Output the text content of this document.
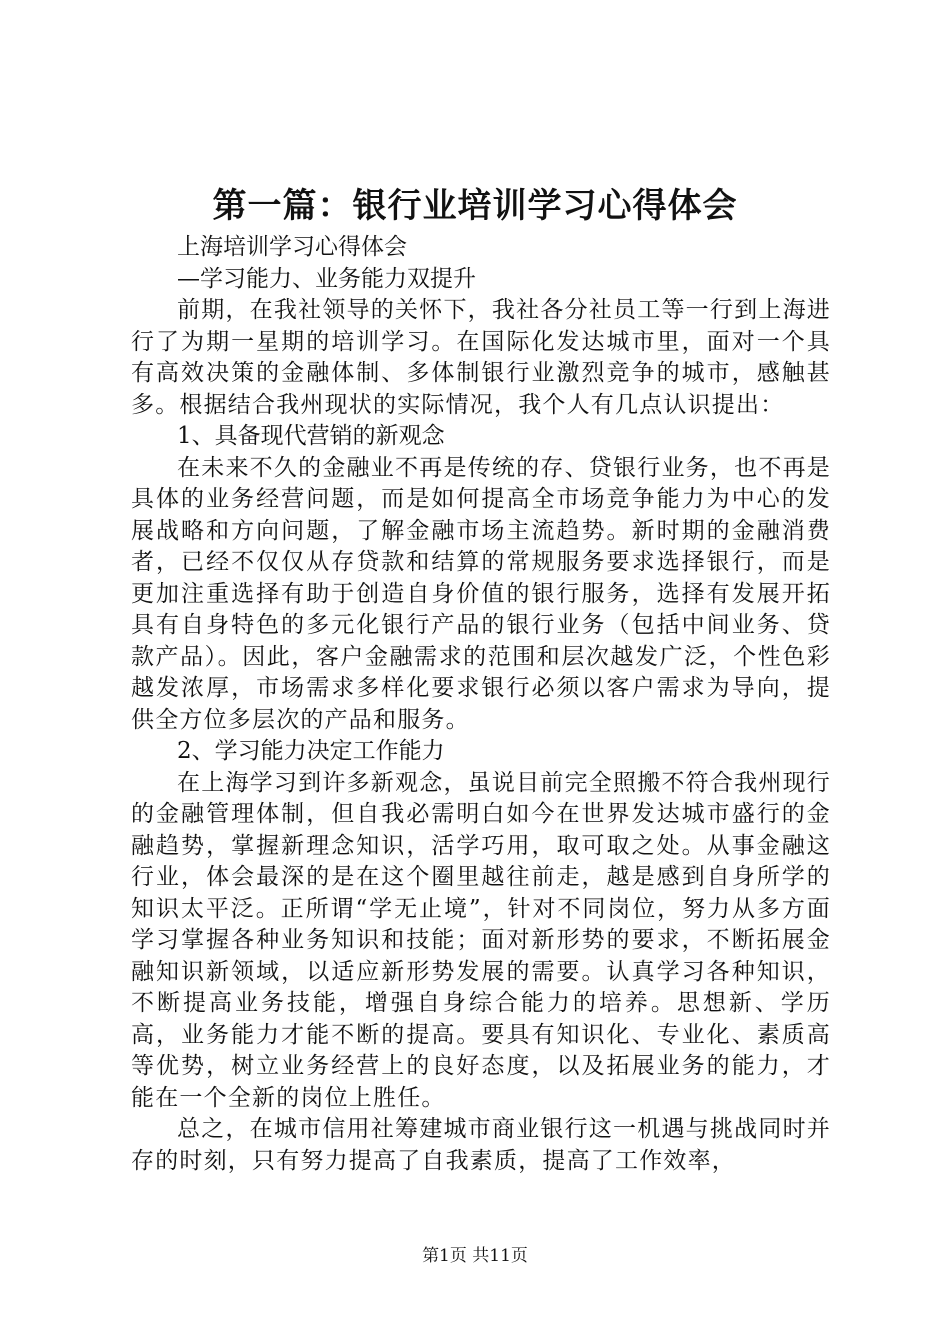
第一篇：银行业培训学习心得体会

上海培训学习心得体会

—学习能力、业务能力双提升

前期，在我社领导的关怀下，我社各分社员工等一行到上海进行了为期一星期的培训学习。在国际化发达城市里，面对一个具有高效决策的金融体制、多体制银行业激烈竞争的城市，感触甚多。根据结合我州现状的实际情况，我个人有几点认识提出：

1、具备现代营销的新观念

在未来不久的金融业不再是传统的存、贷银行业务，也不再是具体的业务经营问题，而是如何提高全市场竞争能力为中心的发展战略和方向问题，了解金融市场主流趋势。新时期的金融消费者，已经不仅仅从存贷款和结算的常规服务要求选择银行，而是更加注重选择有助于创造自身价值的银行服务，选择有发展开拓具有自身特色的多元化银行产品的银行业务（包括中间业务、贷款产品）。因此，客户金融需求的范围和层次越发广泛，个性色彩越发浓厚，市场需求多样化要求银行必须以客户需求为导向，提供全方位多层次的产品和服务。

2、学习能力决定工作能力

在上海学习到许多新观念，虽说目前完全照搬不符合我州现行的金融管理体制，但自我必需明白如今在世界发达城市盛行的金融趋势，掌握新理念知识，活学巧用，取可取之处。从事金融这行业，体会最深的是在这个圈里越往前走，越是感到自身所学的知识太平泛。正所谓“学无止境”，针对不同岗位，努力从多方面学习掌握各种业务知识和技能；面对新形势的要求，不断拓展金融知识新领域，以适应新形势发展的需要。认真学习各种知识，不断提高业务技能，增强自身综合能力的培养。思想新、学历高，业务能力才能不断的提高。要具有知识化、专业化、素质高等优势，树立业务经营上的良好态度，以及拓展业务的能力，才能在一个全新的岗位上胜任。

总之，在城市信用社筹建城市商业银行这一机遇与挑战同时并存的时刻，只有努力提高了自我素质，提高了工作效率，

第1页 共11页
